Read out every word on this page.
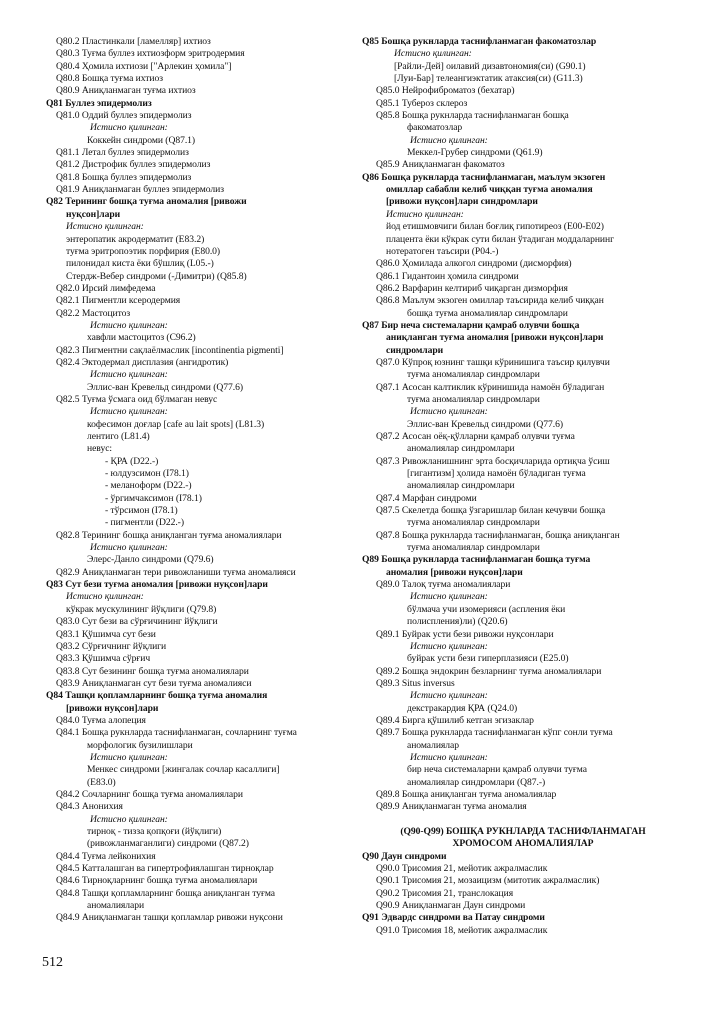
Q80.2 Пластинкали [ламелляр] ихтиоз
Q80.3 Туғма буллез ихтиозформ эритродермия
Q80.4 Ҳомила ихтиози ["Арлекин ҳомила"]
Q80.8 Бошқа туғма ихтиоз
Q80.9 Аниқланмаган туғма ихтиоз
Q81 Буллез эпидермолиз
Q81.0 Оддий буллез эпидермолиз
Истисно қилинган:
Коккейн синдроми (Q87.1)
Q81.1 Летал буллез эпидермолиз
Q81.2 Дистрофик буллез эпидермолиз
Q81.8 Бошқа буллез эпидермолиз
Q81.9 Аниқланмаган буллез эпидермолиз
Q82 Терининг бошқа туғма аномалия [ривожи
нуқсон]лари
Истисно қилинган:
энтеропатик акродерматит (E83.2)
туғма эритропоэтик порфирия (E80.0)
пилонидал киста ёки бўшлиқ (L05.-)
Стердж-Вебер синдроми (-Димитри) (Q85.8)
Q82.0 Ирсий лимфедема
Q82.1 Пигментли ксеродермия
Q82.2 Мастоцитоз
Истисно қилинган:
хавфли мастоцитоз (C96.2)
Q82.3 Пигментни сақлаёлмаслик [incontinentia pigmenti]
Q82.4 Эктодермал дисплазия (ангидротик)
Истисно қилинган:
Эллис-ван Кревельд синдроми (Q77.6)
Q82.5 Туғма ўсмага оид бўлмаган невус
Истисно қилинган:
кофесимон доғлар [cafe au lait spots] (L81.3)
лентиго (L81.4)
невус:
- ҚРА (D22.-)
- юлдузсимон (I78.1)
- меланоформ (D22.-)
- ўргимчаксимон (I78.1)
- тўрсимон (I78.1)
- пигментли (D22.-)
Q82.8 Терининг бошқа аниқланган туғма аномалиялари
Истисно қилинган:
Элерс-Данло синдроми (Q79.6)
Q82.9 Аниқланмаган тери ривожланиши туғма аномалияси
Q83 Сут бези туғма аномалия [ривожи нуқсон]лари
Истисно қилинган:
кўкрак мускулининг йўқлиги (Q79.8)
Q83.0 Сут бези ва сўрғичининг йўқлиги
Q83.1 Қўшимча сут бези
Q83.2 Сўрғичнинг йўқлиги
Q83.3 Қўшимча сўрғич
Q83.8 Сут безининг бошқа туғма аномалиялари
Q83.9 Аниқланмаган сут бези туғма аномалияси
Q84 Ташқи қопламларнинг бошқа туғма аномалия
[ривожи нуқсон]лари
Q84.0 Туғма алопеция
Q84.1 Бошқа рукнларда таснифланмаган, сочларнинг туғма
морфологик бузилишлари
Истисно қилинган:
Менкес синдроми [жингалак сочлар касаллиги]
(E83.0)
Q84.2 Сочларнинг бошқа туғма аномалиялари
Q84.3 Анонихия
Истисно қилинган:
тирноқ - тизза қопқоғи (йўқлиги)
(ривожланмаганлиги) синдроми (Q87.2)
Q84.4 Туғма лейконихия
Q84.5 Катталашган ва гипертрофиялашган тирноқлар
Q84.6 Тирноқларнинг бошқа туғма аномалиялари
Q84.8 Ташқи қопламларнинг бошқа аниқланган туғма
аномалиялари
Q84.9 Аниқланмаган ташқи қопламлар ривожи нуқсони
Q85 Бошқа рукнларда таснифланмаган факоматозлар
Истисно қилинган:
[Райли-Дей] оилавий дизавтономия(си) (G90.1)
[Луи-Бар] телеангиэктатик атаксия(си) (G11.3)
Q85.0 Нейрофиброматоз (бехатар)
Q85.1 Тубероз склероз
Q85.8 Бошқа рукнларда таснифланмаган бошқа
факоматозлар
Истисно қилинган:
Меккел-Грубер синдроми (Q61.9)
Q85.9 Аниқланмаган факоматоз
Q86 Бошқа рукнларда таснифланмаган, маълум экзоген
омиллар сабабли келиб чиққан туғма аномалия
[ривожи нуқсон]лари синдромлари
Истисно қилинган:
йод етишмовчиги билан боғлиқ гипотиреоз (E00-E02)
плацента ёки кўкрак сути билан ўтадиган моддаларнинг
нотератоген таъсири (P04.-)
Q86.0 Ҳомилада алкогол синдроми (дисморфия)
Q86.1 Гидантоин ҳомила синдроми
Q86.2 Варфарин келтириб чиқарган дизморфия
Q86.8 Маълум экзоген омиллар таъсирида келиб чиққан
бошқа туғма аномалиялар синдромлари
Q87 Бир неча системаларни қамраб олувчи бошқа
аниқланган туғма аномалия [ривожи нуқсон]лари
синдромлари
Q87.0 Кўпроқ юзнинг ташқи кўринишига таъсир қилувчи
туғма аномалиялар синдромлари
Q87.1 Асосан калтиклик кўринишида намоён бўладиган
туғма аномалиялар синдромлари
Истисно қилинган:
Эллис-ван Кревельд синдроми (Q77.6)
Q87.2 Асосан оёқ-қўлларни қамраб олувчи туғма
аномалиялар синдромлари
Q87.3 Ривожланишнинг эрта босқичларида ортиқча ўсиш
[гигантизм] ҳолида намоён бўладиган туғма
аномалиялар синдромлари
Q87.4 Марфан синдроми
Q87.5 Скелетда бошқа ўзгаришлар билан кечувчи бошқа
туғма аномалиялар синдромлари
Q87.8 Бошқа рукнларда таснифланмаган, бошқа аниқланган
туғма аномалиялар синдромлари
Q89 Бошқа рукнларда таснифланмаган бошқа туғма
аномалия [ривожи нуқсон]лари
Q89.0 Талоқ туғма аномалиялари
Истисно қилинган:
бўлмача учи изомерияси (аспления ёки
полиспления)ли) (Q20.6)
Q89.1 Буйрак усти бези ривожи нуқсонлари
Истисно қилинган:
буйрак усти бези гиперплазияси (E25.0)
Q89.2 Бошқа эндокрин безларнинг туғма аномалиялари
Q89.3 Situs inversus
Истисно қилинган:
декстракардия ҚРА (Q24.0)
Q89.4 Бирга қўшилиб кетган эгизаклар
Q89.7 Бошқа рукнларда таснифланмаган кўпг сонли туғма
аномалиялар
Истисно қилинган:
бир неча системаларни қамраб олувчи туғма
аномалиялар синдромлари (Q87.-)
Q89.8 Бошқа аниқланган туғма аномалиялар
Q89.9 Аниқланмаган туғма аномалия
(Q90-Q99) БОШҚА РУКНЛАРДА ТАСНИФЛАНМАГАН
ХРОМОСОМ АНОМАЛИЯЛАР
Q90 Даун синдроми
Q90.0 Трисомия 21, мейотик ажралмаслик
Q90.1 Трисомия 21, мозаицизм (митотик ажралмаслик)
Q90.2 Трисомия 21, транслокация
Q90.9 Аниқланмаган Даун синдроми
Q91 Эдвардс синдроми ва Патау синдроми
Q91.0 Трисомия 18, мейотик ажралмаслик
512
